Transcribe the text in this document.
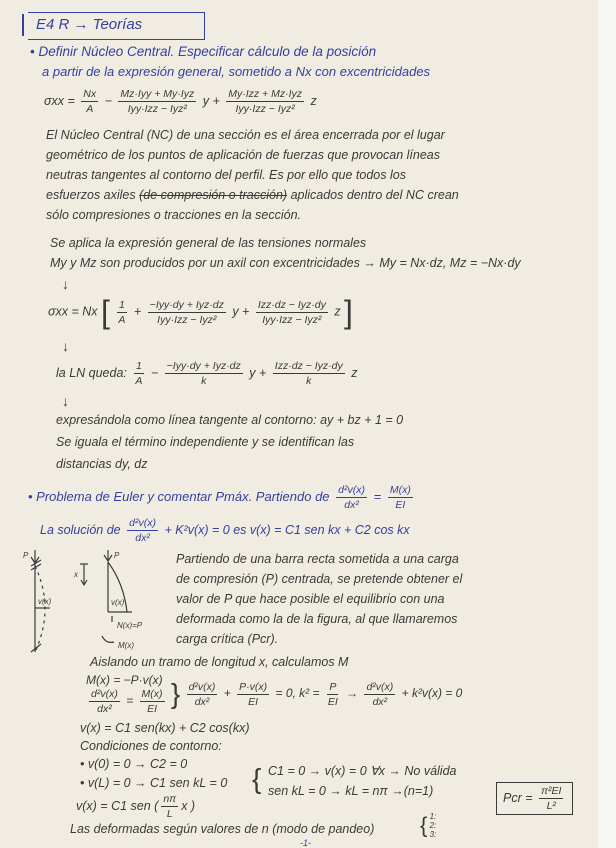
E4 R → Teorías
• Definir Núcleo Central. Especificar cálculo de la posición
a partir de la expresión general, sometido a Nx con excentricidades
$\sigma xx = \frac{Nx}{A} - Mz\cdot Iyy + My\cdot Iyz$
Iyy·Izz − Iyz²
y + My·Izz + Mz·Iyz
Iyy·Izz − Iyz²
z
El Núcleo Central (NC) de una sección es el área encerrada por el lugar
geométrico de los puntos de aplicación de fuerzas que provocan líneas
neutras tangentes al contorno del perfil. Es por ello que todos los
esfuerzos axiles (de compresión o tracción) aplicados dentro del NC crean
sólo compresiones o tracciones en la sección.
Se aplica la expresión general de las tensiones normales
My y Mz son producidos por un axil con excentricidades → My = Nx·dz, Mz = −Nx·dy
↓
σxx = Nx [ $\frac{1}{A} + -Iyy\cdot dy + Iyz\cdot dz$
Iyy·Izz − Iyz²
y + Izz·dz − Iyz·dy
Iyy·Izz − Iyz²
z ]
↓
la LN queda: $\frac{1}{A} - -Iyy\cdot dy + Iyz\cdot dz$
k
y + Izz·dz − Iyz·dy
k
z
↓
expresándola como línea tangente al contorno: ay + bz + 1 = 0
Se iguala el término independiente y se identifican las
distancias dy, dz
• Problema de Euler y comentar Pmáx. Partiendo de $\frac{\text{d²v(x)}}{\text{dx²}} = \frac{M(x)}{EI}$
La solución de $\frac{\text{d²v(x)}}{\text{dx²}} + K^2v(x) = 0$ es v(x) = C1 sen kx + C2 cos kx
P	P
x
v(x)
v(x)
N(x)=P
M(x)
Partiendo de una barra recta sometida a una carga
de compresión (P) centrada, se pretende obtener el
valor de P que hace posible el equilibrio con una
deformada como la de la figura, al que llamaremos
carga crítica (Pcr).
Aislando un tramo de longitud x, calculamos M
M(x) = −P·v(x)
$\frac{\text{d²v(x)}}{\text{dx²}} = \frac{M(x)}{EI}$ } $\frac{\text{d²v(x)}}{\text{dx²}} + \frac{P\cdot v(x)}{EI} = 0$, $k^2 = \frac{P}{EI} \to \frac{\text{d²v(x)}}{\text{dx²}} + k^2v(x) = 0$
v(x) = C1 sen(kx) + C2 cos(kx)
Condiciones de contorno:
• v(0) = 0 → C2 = 0
• v(L) = 0 → C1 sen kL = 0 { C1 = 0 → v(x) = 0 ∀x → No válida
sen kL = 0 → kL = nπ →(n=1)	Pcr = $\frac{\text{π²EI}}{\text{L²}}$
v(x) = C1 sen ( $\frac{n\pi}{L}$ x )
Las deformadas según valores de n (modo de pandeo) { 1:
2:
3:
-1-
